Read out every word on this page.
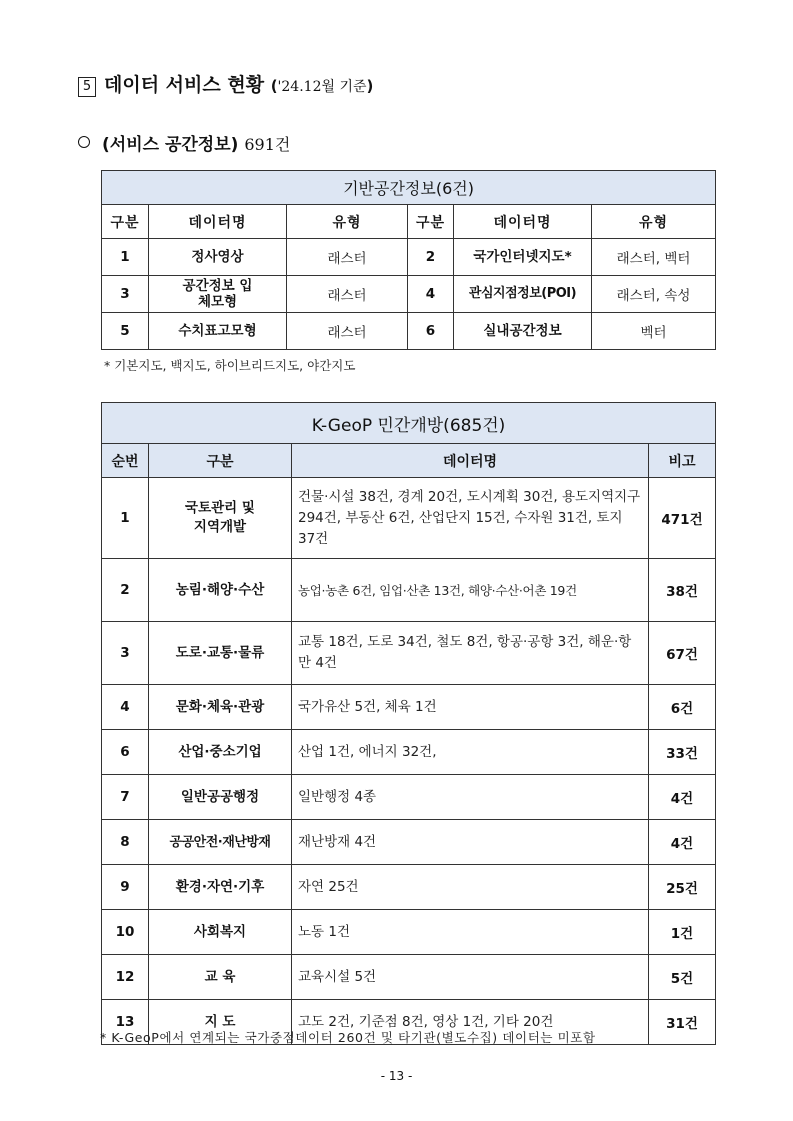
5 데이터 서비스 현황 ('24.12월 기준)
(서비스 공간정보) 691건
기반공간정보(6건)					
구분	데이터명	유형	구분	데이터명	유형
1	정사영상	래스터	2	국가인터넷지도*	래스터, 벡터
3	공간정보 입체모형	래스터	4	관심지점정보(POI)	래스터, 속성
5	수치표고모형	래스터	6	실내공간정보	벡터
* 기본지도, 백지도, 하이브리드지도, 야간지도
K-GeoP 민간개방(685건)			
순번	구분	데이터명	비고
1	국토관리 및 지역개발	건물·시설 38건, 경계 20건, 도시계획 30건, 용도지역지구 294건, 부동산 6건, 산업단지 15건, 수자원 31건, 토지 37건	471건
2	농림·해양·수산	농업·농촌 6건, 임업·산촌 13건, 해양·수산·어촌 19건	38건
3	도로·교통·물류	교통 18건, 도로 34건, 철도 8건, 항공·공항 3건, 해운·항만 4건	67건
4	문화·체육·관광	국가유산 5건, 체육 1건	6건
6	산업·중소기업	산업 1건, 에너지 32건,	33건
7	일반공공행정	일반행정 4종	4건
8	공공안전·재난방재	재난방재 4건	4건
9	환경·자연·기후	자연 25건	25건
10	사회복지	노동 1건	1건
12	교 육	교육시설 5건	5건
13	지 도	고도 2건, 기준점 8건, 영상 1건, 기타 20건	31건
* K-GeoP에서 연계되는 국가중점데이터 260건 및 타기관(별도수집) 데이터는 미포함
- 13 -
